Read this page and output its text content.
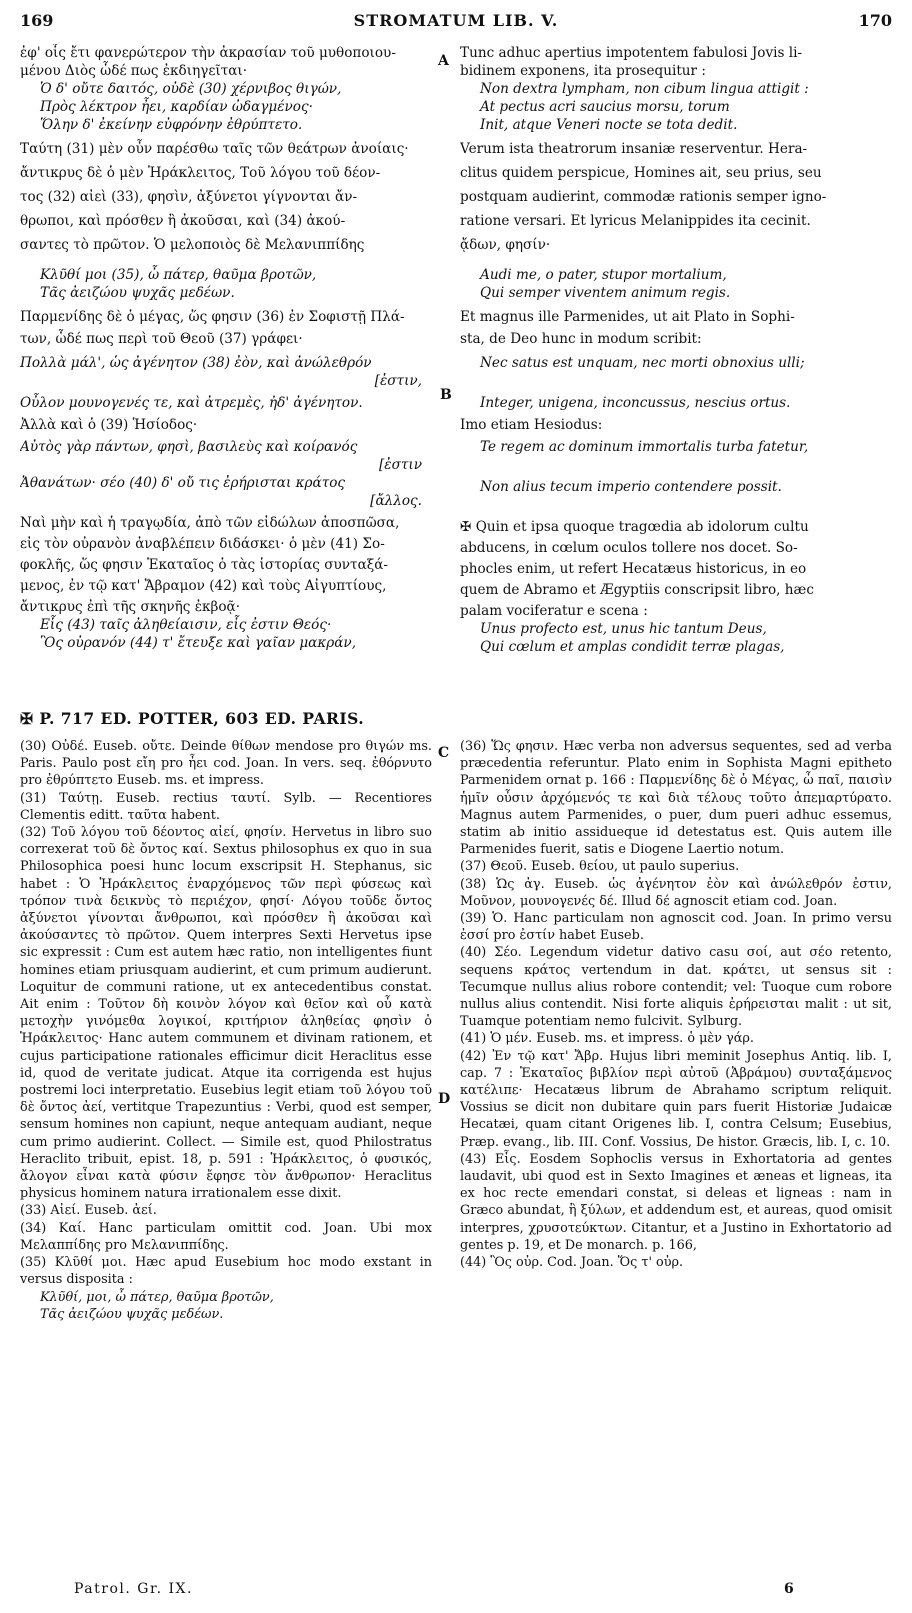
169	STROMATUM LIB. V.	170

ἐφ' οἷς ἔτι φανερώτερον τὴν ἀκρασίαν τοῦ μυθοποιου-

μένου Διὸς ὧδέ πως ἐκδιηγεῖται·

Ὁ δ' οὔτε δαιτός, οὐδὲ (30) χέρνιβος θιγών,

Πρὸς λέκτρον ἦει, καρδίαν ὠδαγμένος·

Ὅλην δ' ἐκείνην εὐφρόνην ἐθρύπτετο.

Ταύτη (31) μὲν οὖν παρέσθω ταῖς τῶν θεάτρων ἀνοίαις·

ἄντικρυς δὲ ὁ μὲν Ἡράκλειτος, Τοῦ λόγου τοῦ δέον-

τος (32) αἰεὶ (33), φησὶν, ἀξύνετοι γίγνονται ἄν-

θρωποι, καὶ πρόσθεν ἢ ἀκοῦσαι, καὶ (34) ἀκού-

σαντες τὸ πρῶτον. Ὁ μελοποιὸς δὲ Μελανιππίδης

Κλῦθί μοι (35), ὦ πάτερ, θαῦμα βροτῶν,

Τᾶς ἀειζώου ψυχᾶς μεδέων.

Παρμενίδης δὲ ὁ μέγας, ὥς φησιν (36) ἐν Σοφιστῇ Πλά-

των, ὧδέ πως περὶ τοῦ Θεοῦ (37) γράφει·

Πολλὰ μάλ', ὡς ἀγένητον (38) ἐὸν, καὶ ἀνώλεθρόν

[ἐστιν,

Οὖλον μουνογενές τε, καὶ ἀτρεμὲς, ἠδ' ἀγένητον.

Ἀλλὰ καὶ ὁ (39) Ἡσίοδος·

Αὐτὸς γὰρ πάντων, φησὶ, βασιλεὺς καὶ κοίρανός

[ἐστιν

Ἀθανάτων· σέο (40) δ' οὔ τις ἐρήρισται κράτος

[ἄλλος.

Ναὶ μὴν καὶ ἡ τραγῳδία, ἀπὸ τῶν εἰδώλων ἀποσπῶσα,

εἰς τὸν οὐρανὸν ἀναβλέπειν διδάσκει· ὁ μὲν (41) Σο-

φοκλῆς, ὥς φησιν Ἑκαταῖος ὁ τὰς ἱστορίας συνταξά-

μενος, ἐν τῷ κατ' Ἄβραμον (42) καὶ τοὺς Αἰγυπτίους,

ἄντικρυς ἐπὶ τῆς σκηνῆς ἐκβοᾷ·

Εἷς (43) ταῖς ἀληθείαισιν, εἷς ἐστιν Θεός·

Ὃς οὐρανόν (44) τ' ἔτευξε καὶ γαῖαν μακράν,

A
B
C
D

Tunc adhuc apertius impotentem fabulosi Jovis li-

bidinem exponens, ita prosequitur :

Non dextra lympham, non cibum lingua attigit :

At pectus acri saucius morsu, torum

Init, atque Veneri nocte se tota dedit.

Verum ista theatrorum insaniæ reserventur. Hera-

clitus quidem perspicue, Homines ait, seu prius, seu

postquam audierint, commodæ rationis semper igno-

ratione versari. Et lyricus Melanippides ita cecinit.

ᾄδων, φησίν·

Audi me, o pater, stupor mortalium,

Qui semper viventem animum regis.

Et magnus ille Parmenides, ut ait Plato in Sophi-

sta, de Deo hunc in modum scribit:

Nec satus est unquam, nec morti obnoxius ulli;

Integer, unigena, inconcussus, nescius ortus.

Imo etiam Hesiodus:

Te regem ac dominum immortalis turba fatetur,

Non alius tecum imperio contendere possit.

✠ Quin et ipsa quoque tragœdia ab idolorum cultu

abducens, in cœlum oculos tollere nos docet. So-

phocles enim, ut refert Hecatæus historicus, in eo

quem de Abramo et Ægyptiis conscripsit libro, hæc

palam vociferatur e scena :

Unus profecto est, unus hic tantum Deus,

Qui cœlum et amplas condidit terræ plagas,

✠ P. 717 ED. POTTER, 603 ED. PARIS.

(30) Οὐδέ. Euseb. οὔτε. Deinde θίθων mendose pro θιγών ms. Paris. Paulo post εἴη pro ἦει cod. Joan. In vers. seq. ἐθόρνυτο pro ἐθρύπτετο Euseb. ms. et impress.

(31) Ταύτῃ. Euseb. rectius ταυτί. Sylb. — Recentiores Clementis editt. ταῦτα habent.

(32) Τοῦ λόγου τοῦ δέοντος αἰεί, φησίν. Hervetus in libro suo correxerat τοῦ δὲ ὄντος καί. Sextus philosophus ex quo in sua Philosophica poesi hunc locum exscripsit H. Stephanus, sic habet : Ὁ Ἡράκλειτος ἐναρχόμενος τῶν περὶ φύσεως καὶ τρόπον τινὰ δεικνὺς τὸ περιέχον, φησί· Λόγου τοῦδε ὄντος ἀξύνετοι γίνονται ἄνθρωποι, καὶ πρόσθεν ἢ ἀκοῦσαι καὶ ἀκούσαντες τὸ πρῶτον. Quem interpres Sexti Hervetus ipse sic expressit : Cum est autem hæc ratio, non intelligentes fiunt homines etiam priusquam audierint, et cum primum audierunt. Loquitur de communi ratione, ut ex antecedentibus constat. Ait enim : Τοῦτον δὴ κοινὸν λόγον καὶ θεῖον καὶ οὗ κατὰ μετοχὴν γινόμεθα λογικοί, κριτήριον ἀληθείας φησὶν ὁ Ἡράκλειτος· Hanc autem communem et divinam rationem, et cujus participatione rationales efficimur dicit Heraclitus esse id, quod de veritate judicat. Atque ita corrigenda est hujus postremi loci interpretatio. Eusebius legit etiam τοῦ λόγου τοῦ δὲ ὄντος ἀεί, vertitque Trapezuntius : Verbi, quod est semper, sensum homines non capiunt, neque antequam audiant, neque cum primo audierint. Collect. — Simile est, quod Philostratus Heraclito tribuit, epist. 18, p. 591 : Ἡράκλειτος, ὁ φυσικός, ἄλογον εἶναι κατὰ φύσιν ἔφησε τὸν ἄνθρωπον· Heraclitus physicus hominem natura irrationalem esse dixit.

(33) Αἰεί. Euseb. ἀεί.

(34) Καί. Hanc particulam omittit cod. Joan. Ubi mox Μελαππίδης pro Μελανιππίδης.

(35) Κλῦθί μοι. Hæc apud Eusebium hoc modo exstant in versus disposita :

Κλῦθί, μοι, ὦ πάτερ, θαῦμα βροτῶν,

Τᾶς ἀειζώου ψυχᾶς μεδέων.

(36) Ὥς φησιν. Hæc verba non adversus sequentes, sed ad verba præcedentia referuntur. Plato enim in Sophista Magni epitheto Parmenidem ornat p. 166 : Παρμενίδης δὲ ὁ Μέγας, ὦ παῖ, παισὶν ἡμῖν οὖσιν ἀρχόμενός τε καὶ διὰ τέλους τοῦτο ἀπεμαρτύρατο. Magnus autem Parmenides, o puer, dum pueri adhuc essemus, statim ab initio assidueque id detestatus est. Quis autem ille Parmenides fuerit, satis e Diogene Laertio notum.

(37) Θεοῦ. Euseb. θείου, ut paulo superius.

(38) Ὡς ἀγ. Euseb. ὡς ἀγένητον ἐὸν καὶ ἀνώλεθρόν ἐστιν, Μοῦνον, μουνογενές δέ. Illud δέ agnoscit etiam cod. Joan.

(39) Ὁ. Hanc particulam non agnoscit cod. Joan. In primo versu ἐσσί pro ἐστίν habet Euseb.

(40) Σέο. Legendum videtur dativo casu σοί, aut σέο retento, sequens κράτος vertendum in dat. κράτει, ut sensus sit : Tecumque nullus alius robore contendit; vel: Tuoque cum robore nullus alius contendit. Nisi forte aliquis ἐρήρεισται malit : ut sit, Tuamque potentiam nemo fulcivit. Sylburg.

(41) Ὁ μέν. Euseb. ms. et impress. ὁ μὲν γάρ.

(42) Ἐν τῷ κατ' Ἄβρ. Hujus libri meminit Josephus Antiq. lib. I, cap. 7 : Ἑκαταῖος βιβλίον περὶ αὐτοῦ (Ἀβράμου) συνταξάμενος κατέλιπε· Hecatæus librum de Abrahamo scriptum reliquit. Vossius se dicit non dubitare quin pars fuerit Historiæ Judaicæ Hecatæi, quam citant Origenes lib. I, contra Celsum; Eusebius, Præp. evang., lib. III. Conf. Vossius, De histor. Græcis, lib. I, c. 10.

(43) Εἷς. Eosdem Sophoclis versus in Exhortatoria ad gentes laudavit, ubi quod est in Sexto Imagines et æneas et ligneas, ita ex hoc recte emendari constat, si deleas et ligneas : nam in Græco abundat, ἢ ξύλων, et addendum est, et aureas, quod omisit interpres, χρυσοτεύκτων. Citantur, et a Justino in Exhortatorio ad gentes p. 19, et De monarch. p. 166,

(44) Ὃς οὐρ. Cod. Joan. Ὅς τ' οὐρ.

Patrol. Gr. IX.	6
